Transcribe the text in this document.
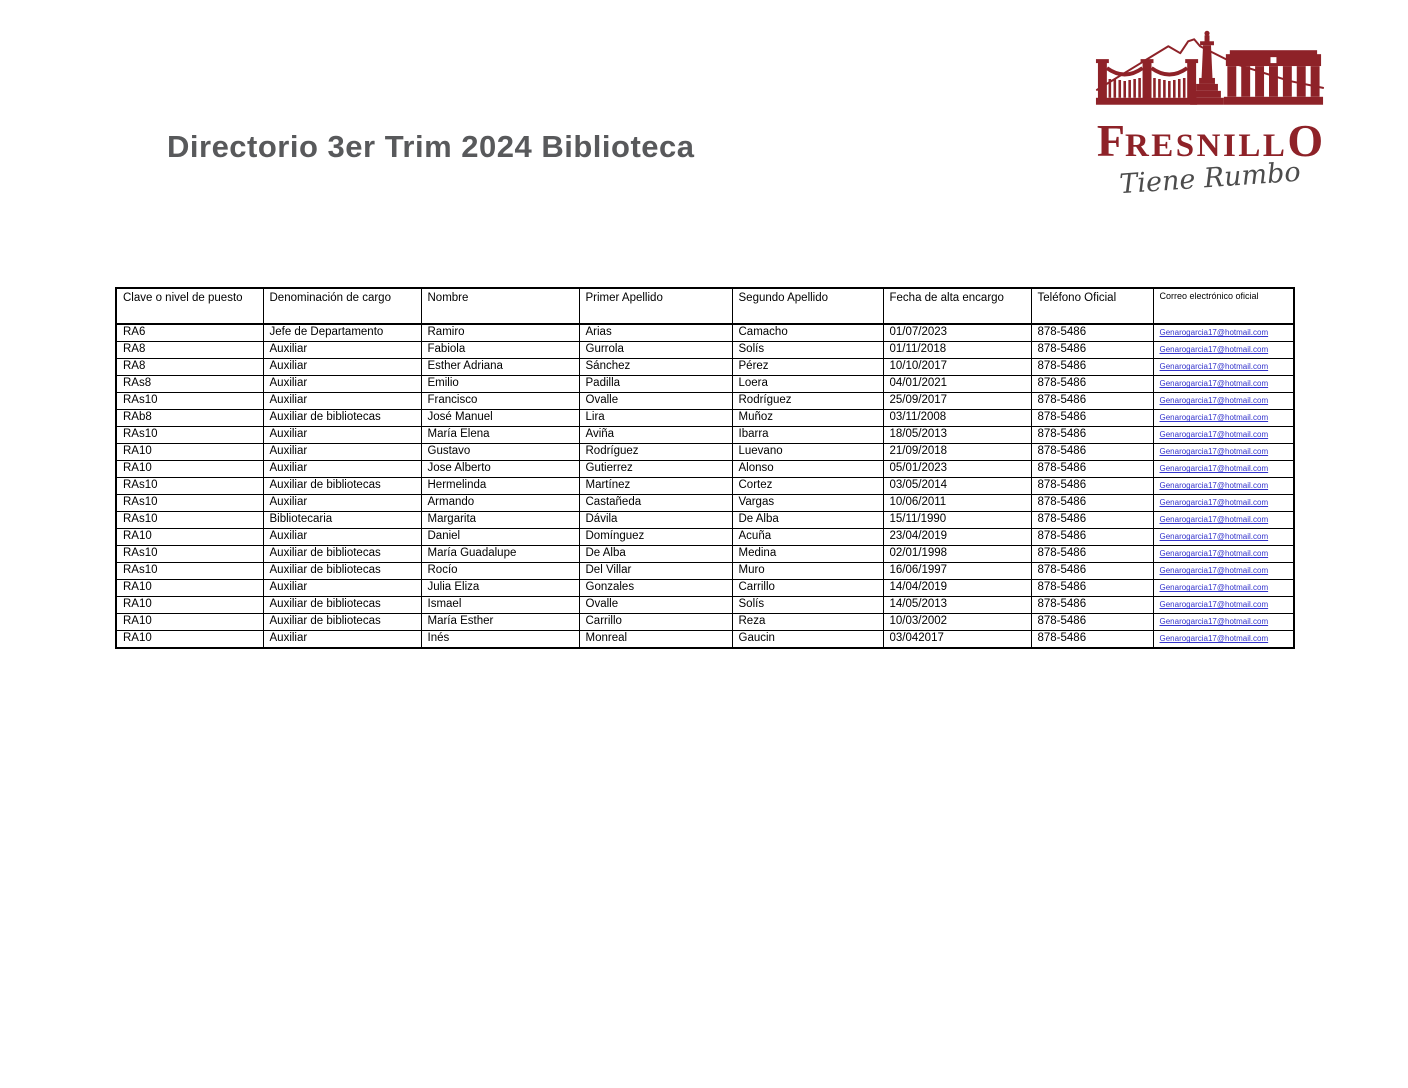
Directorio 3er Trim 2024 Biblioteca	FRESNILLO
Tiene Rumbo
Clave o nivel de puesto	Denominación de cargo	Nombre	Primer Apellido	Segundo Apellido	Fecha de alta encargo	Teléfono Oficial	Correo electrónico oficial
RA6	Jefe de Departamento	Ramiro	Arias	Camacho	01/07/2023	878-5486	Genarogarcia17@hotmail.com
RA8	Auxiliar	Fabiola	Gurrola	Solís	01/11/2018	878-5486	Genarogarcia17@hotmail.com
RA8	Auxiliar	Esther Adriana	Sánchez	Pérez	10/10/2017	878-5486	Genarogarcia17@hotmail.com
RAs8	Auxiliar	Emilio	Padilla	Loera	04/01/2021	878-5486	Genarogarcia17@hotmail.com
RAs10	Auxiliar	Francisco	Ovalle	Rodríguez	25/09/2017	878-5486	Genarogarcia17@hotmail.com
RAb8	Auxiliar de bibliotecas	José Manuel	Lira	Muñoz	03/11/2008	878-5486	Genarogarcia17@hotmail.com
RAs10	Auxiliar	María Elena	Aviña	Ibarra	18/05/2013	878-5486	Genarogarcia17@hotmail.com
RA10	Auxiliar	Gustavo	Rodríguez	Luevano	21/09/2018	878-5486	Genarogarcia17@hotmail.com
RA10	Auxiliar	Jose Alberto	Gutierrez	Alonso	05/01/2023	878-5486	Genarogarcia17@hotmail.com
RAs10	Auxiliar de bibliotecas	Hermelinda	Martínez	Cortez	03/05/2014	878-5486	Genarogarcia17@hotmail.com
RAs10	Auxiliar	Armando	Castañeda	Vargas	10/06/2011	878-5486	Genarogarcia17@hotmail.com
RAs10	Bibliotecaria	Margarita	Dávila	De Alba	15/11/1990	878-5486	Genarogarcia17@hotmail.com
RA10	Auxiliar	Daniel	Domínguez	Acuña	23/04/2019	878-5486	Genarogarcia17@hotmail.com
RAs10	Auxiliar de bibliotecas	María Guadalupe	De Alba	Medina	02/01/1998	878-5486	Genarogarcia17@hotmail.com
RAs10	Auxiliar de bibliotecas	Rocío	Del Villar	Muro	16/06/1997	878-5486	Genarogarcia17@hotmail.com
RA10	Auxiliar	Julia Eliza	Gonzales	Carrillo	14/04/2019	878-5486	Genarogarcia17@hotmail.com
RA10	Auxiliar de bibliotecas	Ismael	Ovalle	Solís	14/05/2013	878-5486	Genarogarcia17@hotmail.com
RA10	Auxiliar de bibliotecas	María Esther	Carrillo	Reza	10/03/2002	878-5486	Genarogarcia17@hotmail.com
RA10	Auxiliar	Inés	Monreal	Gaucin	03/042017	878-5486	Genarogarcia17@hotmail.com
